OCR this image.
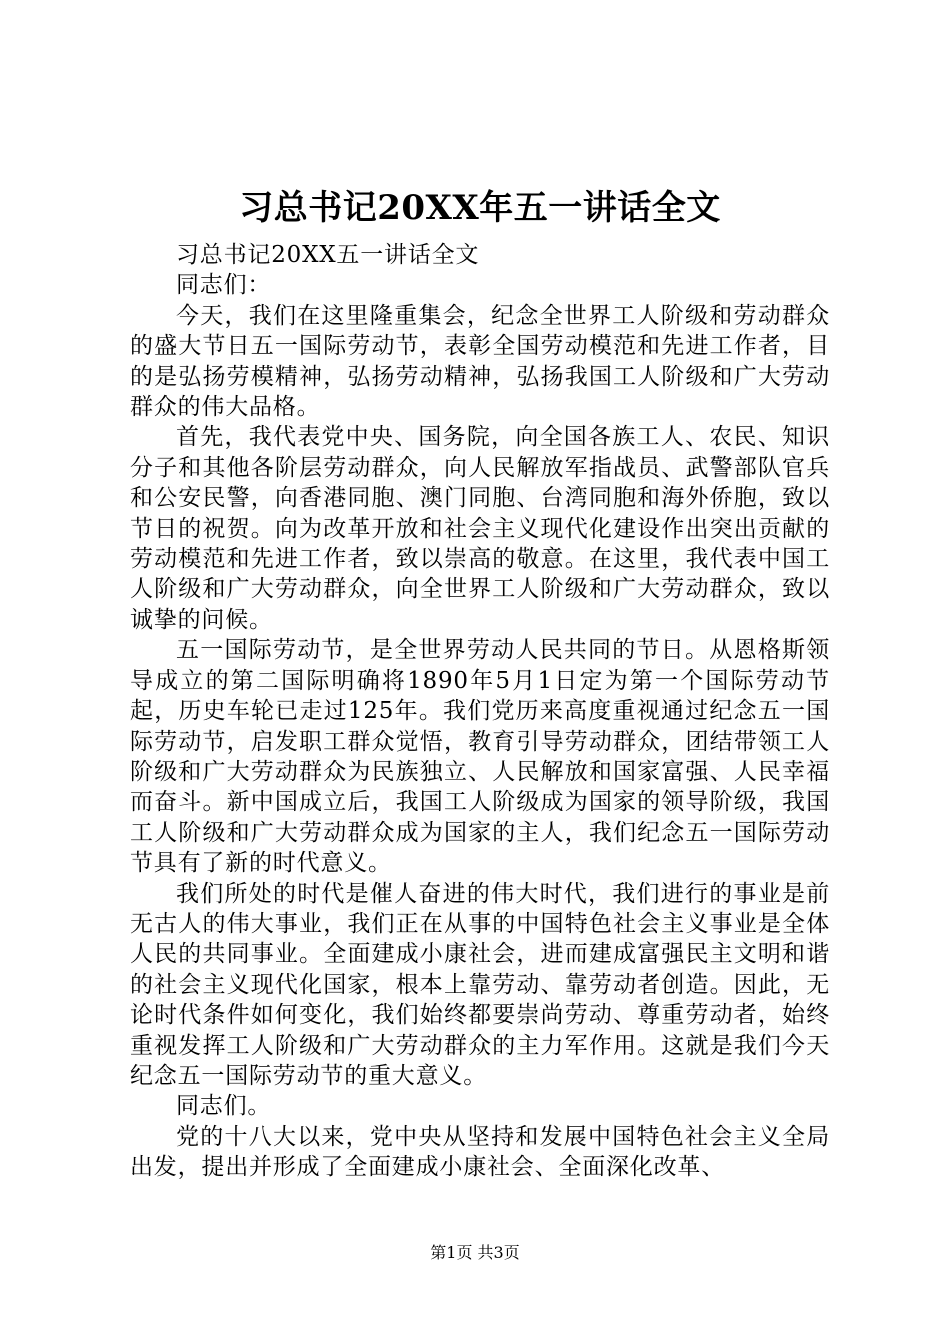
习总书记20XX年五一讲话全文

习总书记20XX五一讲话全文

同志们：

今天，我们在这里隆重集会，纪念全世界工人阶级和劳动群众的盛大节日五一国际劳动节，表彰全国劳动模范和先进工作者，目的是弘扬劳模精神，弘扬劳动精神，弘扬我国工人阶级和广大劳动群众的伟大品格。

首先，我代表党中央、国务院，向全国各族工人、农民、知识分子和其他各阶层劳动群众，向人民解放军指战员、武警部队官兵和公安民警，向香港同胞、澳门同胞、台湾同胞和海外侨胞，致以节日的祝贺。向为改革开放和社会主义现代化建设作出突出贡献的劳动模范和先进工作者，致以崇高的敬意。在这里，我代表中国工人阶级和广大劳动群众，向全世界工人阶级和广大劳动群众，致以诚挚的问候。

五一国际劳动节，是全世界劳动人民共同的节日。从恩格斯领导成立的第二国际明确将1890年5月1日定为第一个国际劳动节起，历史车轮已走过125年。我们党历来高度重视通过纪念五一国际劳动节，启发职工群众觉悟，教育引导劳动群众，团结带领工人阶级和广大劳动群众为民族独立、人民解放和国家富强、人民幸福而奋斗。新中国成立后，我国工人阶级成为国家的领导阶级，我国工人阶级和广大劳动群众成为国家的主人，我们纪念五一国际劳动节具有了新的时代意义。

我们所处的时代是催人奋进的伟大时代，我们进行的事业是前无古人的伟大事业，我们正在从事的中国特色社会主义事业是全体人民的共同事业。全面建成小康社会，进而建成富强民主文明和谐的社会主义现代化国家，根本上靠劳动、靠劳动者创造。因此，无论时代条件如何变化，我们始终都要崇尚劳动、尊重劳动者，始终重视发挥工人阶级和广大劳动群众的主力军作用。这就是我们今天纪念五一国际劳动节的重大意义。

同志们。

党的十八大以来，党中央从坚持和发展中国特色社会主义全局出发，提出并形成了全面建成小康社会、全面深化改革、

第1页 共3页
